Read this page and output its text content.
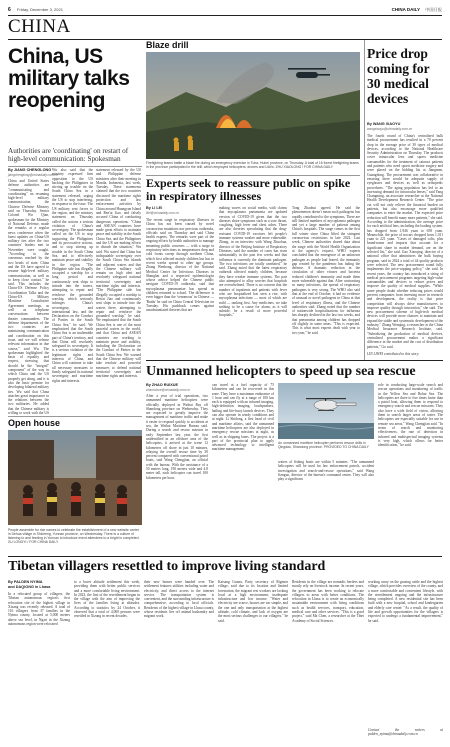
6 Friday, December 3, 2021	CHINA DAILY 中国日报
CHINA
China, US military talks reopening
Authorities are 'coordinating' on restart of high-level communication: Spokesman
By JIANG CHENGLONG
jiangchenglong@chinadaily.com.cn
China and United States defense authorities are "communicating and coordinating" on resuming high-level military communication, the Chinese Defense Ministry said on Thursday. Senior Colonel Wu Qian, spokesman for the Ministry of National Defense, made the remarks at a regular news conference when the latest updates on China-US military ties after the two countries' leaders met in November were sought. "According to the consensus reached by the two heads of state, China and the US have agreed to resume high-level military communication, as well as to keep close contact," he said. This includes the China-US Defense Policy Coordination Talks and the China-US Military Maritime Consultative Agreement meetings, as well as telephone conversations between theater commanders. The defense departments of the two countries are maintaining communication and coordination on this issue, and we will release relevant information in due course," said Wu. The spokesman highlighted the basis of equality and respect, stressing that should be the "integral" component" of the way in which China and the US properly get along, and it is also the basic premise for developing bilateral military ties. Wu said that China attaches great importance to the relations between the two militaries. He added that the Chinese military is willing to work with the US
Wu also said that the ministry expressed firm opposition to the US backing the Philippines in stirring up trouble on the South China Sea in a statement released, urging the US to stop interfering, in response to the issue. The US military sent forces to the region, and the ministry statement on Thursday called the actions a serious violation of China's sovereignty. The spokesman called on the US to stop supporting the Philippines and its provocative actions, and to stop stirring up trouble in the South China Sea, and to effectively maintain peace and stability in the region. "The Philippine side has illegally occupied a warship for a long period and continuously sent ships to intrude into the waters, attempting to repair and reinforce the grounded warship, which seriously infringes China's sovereignty, and international law, and the Declaration on the Conduct of Parties in the South China Sea," he said. We emphasized that the South China Sea is an inalienable part of China's territory, and that China will resolutely safeguard its sovereignty. It is a serious violation of the legitimate rights and interests of China, and China will continue to take all necessary measures to firmly safeguard its national sovereignty and maritime rights and interests.
statement released by the US and Philippine defense ministers after their meeting in Manila, Indonesia, last week, Tuesday. These statements claimed that the two countries discussed the maritime rights protection and law enforcement activities by China around Huangyan Island and Ren'ai Jiao, and falsely accused China of conducting dangerous operations. "China and ASEAN countries have made great efforts to maintain peace and stability in the South China Sea, and the Philippines and the US are making efforts to disturb the situation," Wu said. Wu stated that China has indisputable sovereignty over the South China Sea islands and adjacent waters and that the Chinese military will remain on high alert and resolutely safeguard national territorial sovereignty and maritime rights and interests. "The Philippine side has illegally occupied a warship to Ren'ai Jiao and continuously sent ships to intrude into the waters there, attempting to repair and reinforce the grounded warship," he said. We emphasized that the South China Sea is one of the most peaceful waters in the world, and that China and ASEAN countries are working to maintain peace and stability, including the Declaration on the Conduct of Parties in the South China Sea. We warned that the Chinese military will take resolute and powerful measures to defend national territorial sovereignty and maritime rights and interests.
Open house
People assemble for rice names to celebrate the establishment of a new website center in Dehua village in Shicheng, Yunnan province, on Wednesday. There is a culture of listening to and feeding in Yunnan to introduce event attendees to a bright is completed. XU LONGYI / FOR CHINA DAILY
Blaze drill
Firefighting teams battle a blaze fire during an emergency exercise in Tuha, Hubei province, on Thursday. A total of 16 forest firefighting teams in the province participated in the drill, which employed helicopters, drones and UAVs. ZHU XIAOLONG / FOR CHINA DAILY
Experts seek to reassure public on spike in respiratory illnesses
By LI LEI
lilei@chinadaily.com.cn
The recent surge in respiratory illnesses in China has not been caused by novel coronavirus mutations nor previous outbreaks, officials said on Thursday and said China health experts. The remarks were part of the ongoing efforts by health authorities to manage mounting public concerns — with a surge in respiratory infections as temperatures drop and cold fronts sweep through northern China, which first affected mainly children but has in recent weeks spread to other age groups. Zhang Wenhong, director of the National Medical Center for Infectious Diseases in Shanghai and a respected epidemiologist whose advice helped the Chinese public navigate COVID-19 outbreaks, said that mycoplasma pneumoniae has spread as children returned to school. The difference is even bigger than the 'venomous' in Chinese — 'Baidu' he said on China Central Television on Tuesday. His pushback comes against unsubstantiated theories that are
making waves on social media, with claims that mycoplasma pneumonia are updated version of COVID-19 given that the two diseases share symptoms such as a sore throat, coughing, high fever and chest aches. There are also theories speculating that the drug-resistant COVID-19 vaccines left people's immune systems weaker and more vulnerable. Zhang, in an interview with Wang Zhuohua, director of the Beijing Institute of Respiratory Diseases, said the number of cases has risen substantially in the past few weeks and that influenza is currently the dominant pathogen. The two infections are totally unrelated," he said. Zhang noted that the latest respiratory outbreak affected mainly children, because they have weaker immune systems. The pair also attempted to allay worries that hospitals are overwhelmed. There is no concern that the number of inpatients and patients with fever who are hospitalized has seen a rise, with mycoplasma infections — most of which are mild — ranking first. Any medicines, we take nothing to be a cause for alarm, as it will subside, he a result of more powerful hospitals,"
Tong Zhaohui agreed. He said the phenomenon doesn't mean such pathogens has rapidly contributed to the symptoms, There are still limited numbers of mycoplasma pathogen and yet a large number of patients among China's hospitals. The surge comes in the first full winter since China lifted the stringent coronavirus restrictions in late 2022. Last week, Chinese authorities shared data about the surge with the World Health Organization at the agency's request. WHO experts concluded that the emergence of an unknown pathogen as people had feared, the immunity gap created by the pandemic has fading the defense. A dramatic reduction in the circulation of other viruses and bacteria reduced children's immunity and made them more vulnerable against that. After contracting so many infections, the spread of respiratory pathogens is very strong. The WHO also said that at the end of October, it had no evidence of unusual or novel pathogens in China at that level of respiratory illness, and the Chinese authorities said. Zhang noted that the number of nationwide hospitalizations for influenza has sharply declined in the last two weeks, and that pneumonia among children has dropped off slightly in some areas. "This is expected. This is what most experts dealt with year to two year," he said.
Price drop coming for 30 medical devices
By WANG XIAOYU
wangxiaoyu@chinadaily.com.cn
The fourth round of China's centralized bulk medical procurement has resulted in a 70 percent drop in the average price of 30 types of medical devices, according to the National Healthcare Security Administration on Thursday. The products cover intraocular lens and sports medicine consumables for the treatment of cataract patients and patients who need sports medicine surgery and were placed on the bidding list at Jiangmen, Guangdong. The procurement was collaborative in ensuring there would be adequate supply of eyeglasses and devices as well as orthopedic procedures. "The aging population has led to an increasing demand for intraocular lenses," said Yang Changming, an associate researcher at the National Health Development Research Center. "The price cut will not only relieve the financial burden on patients, but also encourage more qualified companies to enter the market. The expected price reduction will benefit many more patients," she said. According to the administration, the average price for each artificial lens, including the loading system, has dropped from 1,946 yuan to 658 yuan. Meanwhile, the price of trocars dropped from 1,011 yuan to 221 yuan. "Cases of damaged colts, plus brand-name and imports that account for a significant share in market demand, are on the selected list," she said. Gao Xiaoqing, director of a national office that administers the bulk buying program, said in 2024 a total of 44 quality products were selected. The new procurement round fully implements the price-capping policy," she said. In recent years, the country has introduced a string of medical procurement programs targeting high-value consumables and devices to reduce prices and improve the quality of medical supplies. "While some people doubt whether reducing prices would prevent companies from investing more in research and development, the reality is that price competition will always drive manufacturers to improve quality through innovation," she said. The new procurement scheme of high-tech medical devices will provide more chances to maintain and expand the stable and systematic development of the industry," Zhang Wenqing, a researcher at the China Medical Insurance Research Institute, said. "Subsidizing the production of medical devices, centralized procurement makes a significant difference in the market and the cost of distribution patients," Go said.
LIN LIWEI contributed to this story.
Unmanned helicopters to speed up sea rescue
By ZHAO RUIXUE
zhaoruixue@chinadaily.com.cn
After a year of trial operations, two unmanned maritime helicopters were officially deployed in Weihai Bay off Shandong province on Wednesday. They are expected to greatly improve the management of maritime traffic and make it easier to respond quickly to accidents at sea, the Weihai Maritime Bureau said. During a search and rescue mission in early September last year, the first unidentified in an offshore area of the helicopters, it arrived at the scene 12 kilometers off shore in just 10 minutes, relaying the overall rescue time by 30 percent compared with conventional patrol boats, said Wang Chengjian, an official with the bureau. With the assistance of a 50 meters long, 190 meters wide and 4.8 meter tall, each helicopter can travel 100 kilometers per hour.
can travel at a fuel capacity of 75 kilometers and can be recovered in this zone. They have a maximum endurance of 1 hour and can fly at a range of 100 km each is equipped with an infrared imaging, high-definition imaging, loudspeakers, hailing and life-buoy launch devices. They can also operate in windy conditions and at night. Li Shidong, a first head of civil and maritime affairs, said the unmanned maritime helicopters are also deployed in emergency rescue missions at night, as well as in shipping lanes. The project is a part of the provincial plan to apply advanced technology to intelligent maritime management.
An unmanned maritime helicopter performs rescue drills in Qingdao, Shandong province. PROVIDED TO CHINA DAILY
waters of fishing boats are within 5 minutes. "The unmanned helicopters will be used for law enforcement patrols, accident investigation and search-and-rescue operations," said Wang Jianguo, director of the bureau's command center. They will also play a significant
role in conducting large-scale search and rescue operations and monitoring of traffic in the Yellow Sea and Bohai Sea. The helicopters are three to five times faster than a patrol boat, allowing them to respond to emergency search and rescue missions. They also have a wide field of vision, allowing them to search larger areas of water. The helicopters are especially suitable for use in remote sea areas," Wang Chengjian said. "In terms of search and monitoring effectiveness, the rate of detection in infrared and multispectral imaging systems is very high, which allows for better identification," he said.
Tibetan villagers resettled to improve living standard
By PALDEN NYIMA
and DAQIONG in Lhasa
In a relocated group of villagers, the Tibetan autonomous region's first relocation site of the highest village in Xizang was recently released. A total of 116 villagers from 37 families in the Nyima county, located at 5,000 meters above sea level, in Ngari in the Xizang autonomous region were relocated
to a lower altitude settlement this week, providing them with better public services and a more comfortable living environment. In 2023, the first of the resettlement began in the village with the aim of improving the lives of the families living at altitudes. According to statistics by 24 October, it observed that a total of 4,000 persons were resettled in Xizang in recent decades.
their new homes were handed over. The settlement features utilities including water and electricity, and direct access to the internet service. The transportation system is convenient, and the surrounding infrastructure is comprehensive, according to local officials. Residents of the highest village in Lhasa county, whose residents live off animal husbandry and migrant work.
Kaisang Gunzu, Party secretary of Rigmon village, said due to its location and limited forestation, the migrant rest workers are lacking local at a high environment, inadequate infrastructure and low income. "Water and electricity are scarce, houses are too simple, and the one and only transportation at the highest altitude, cold climate, and lack of oxygen are the most serious challenges to our villagers," he said.
Residents in the village are nomadic herders and mostly rely on livestock income. In recent years, the government has been working to relocate villagers to areas with better conditions. The relocation in Lhasa is to create an economically sustainable environment with living conditions such as health services, transport, education, medical care and other services. "This is a good project," said Ma Chen, a researcher at the Tibet Academy of Social Sciences.
working away on the grazing cattle and the highest village, which provides overview of the county, and a more comfortable and convenient lifestyle, with the resettlement ongoing and the infrastructure being completed. A new residential site has been built with a new hospital, school and kindergarten and elderly care center. "As a result, the quality of life and growth opportunities for the villagers is expected to undergo a fundamental improvement," he said.
Contact the writers at palden_nyima@chinadaily.com.cn
